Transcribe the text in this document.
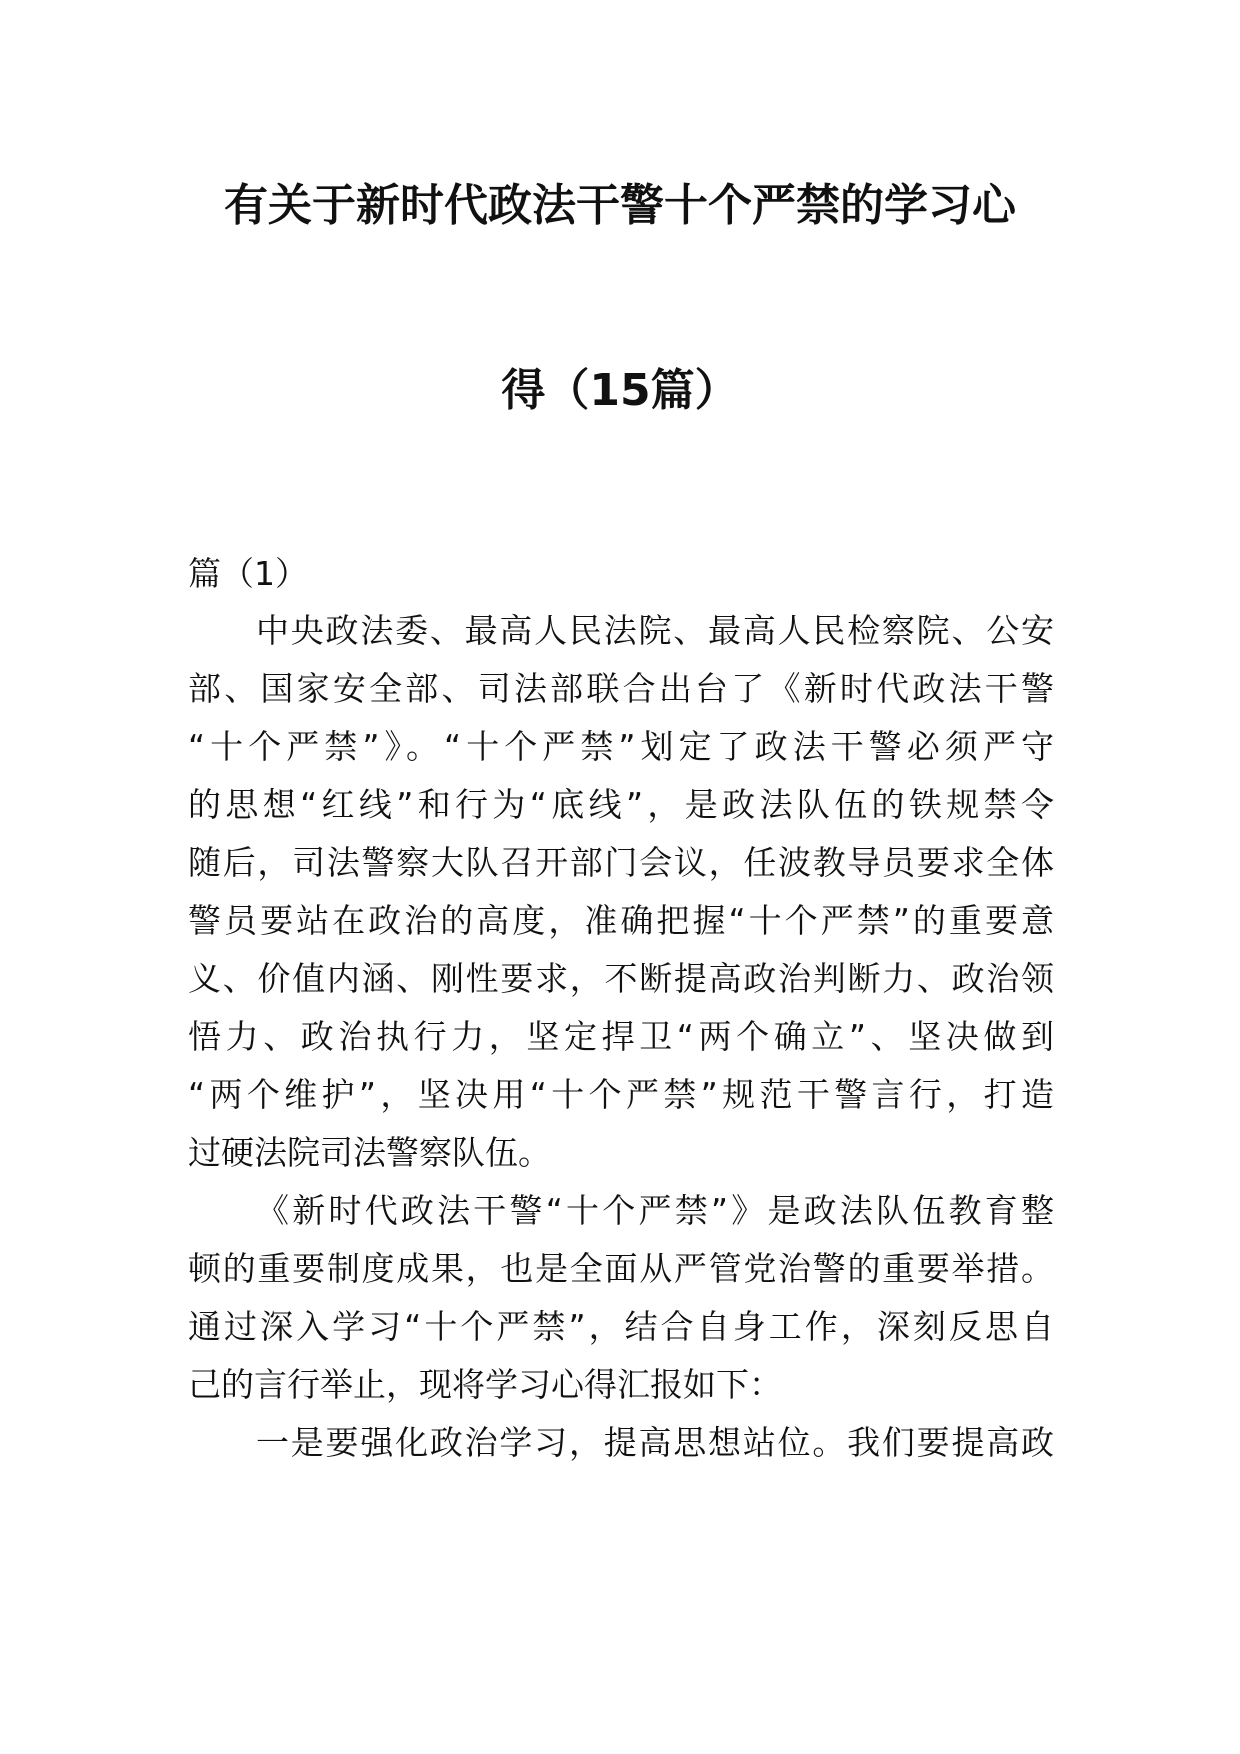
有关于新时代政法干警十个严禁的学习心
得（15篇）
篇（1）
中央政法委、最高人民法院、最高人民检察院、公安
部、国家安全部、司法部联合出台了《新时代政法干警
“十个严禁”》。“十个严禁”划定了政法干警必须严守
的思想“红线”和行为“底线”，是政法队伍的铁规禁令
随后，司法警察大队召开部门会议，任波教导员要求全体
警员要站在政治的高度，准确把握“十个严禁”的重要意
义、价值内涵、刚性要求，不断提高政治判断力、政治领
悟力、政治执行力，坚定捍卫“两个确立”、坚决做到
“两个维护”，坚决用“十个严禁”规范干警言行，打造
过硬法院司法警察队伍。
《新时代政法干警“十个严禁”》是政法队伍教育整
顿的重要制度成果，也是全面从严管党治警的重要举措。
通过深入学习“十个严禁”，结合自身工作，深刻反思自
己的言行举止，现将学习心得汇报如下：
一是要强化政治学习，提高思想站位。我们要提高政
